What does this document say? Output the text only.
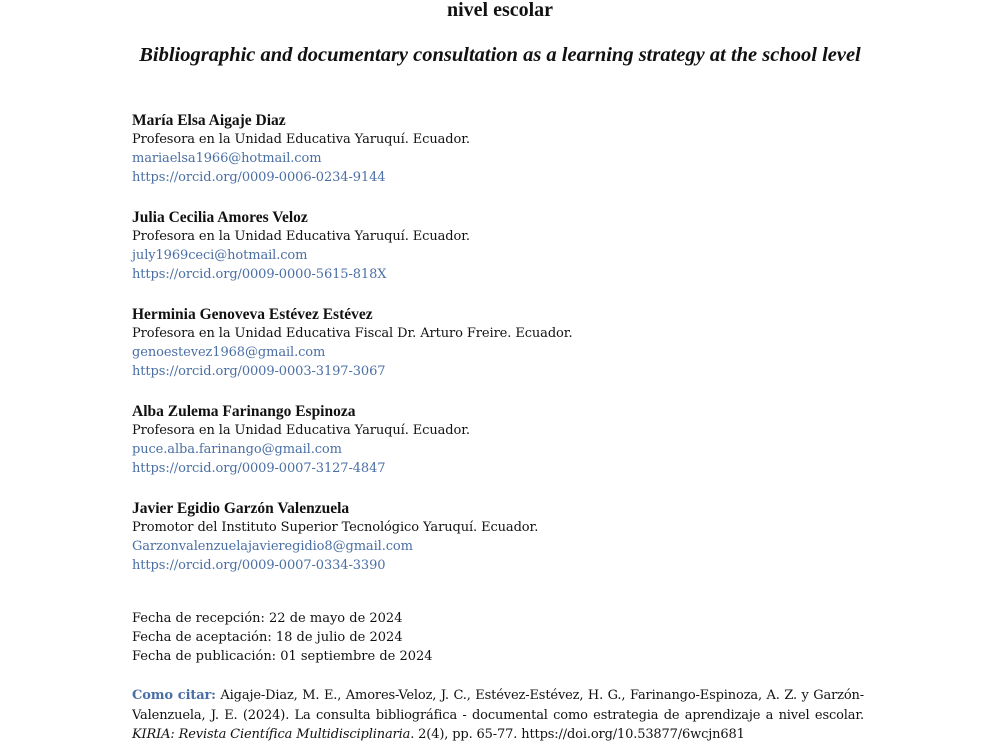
nivel escolar
Bibliographic and documentary consultation as a learning strategy at the school level
María Elsa Aigaje Diaz
Profesora en la Unidad Educativa Yaruquí. Ecuador.
mariaelsa1966@hotmail.com
https://orcid.org/0009-0006-0234-9144
Julia Cecilia Amores Veloz
Profesora en la Unidad Educativa Yaruquí. Ecuador.
july1969ceci@hotmail.com
https://orcid.org/0009-0000-5615-818X
Herminia Genoveva Estévez Estévez
Profesora en la Unidad Educativa Fiscal Dr. Arturo Freire. Ecuador.
genoestevez1968@gmail.com
https://orcid.org/0009-0003-3197-3067
Alba Zulema Farinango Espinoza
Profesora en la Unidad Educativa Yaruquí. Ecuador.
puce.alba.farinango@gmail.com
https://orcid.org/0009-0007-3127-4847
Javier Egidio Garzón Valenzuela
Promotor del Instituto Superior Tecnológico Yaruquí. Ecuador.
Garzonvalenzuelajavieregidio8@gmail.com
https://orcid.org/0009-0007-0334-3390
Fecha de recepción: 22 de mayo de 2024
Fecha de aceptación: 18 de julio de 2024
Fecha de publicación: 01 septiembre de 2024

Como citar: Aigaje-Diaz, M. E., Amores-Veloz, J. C., Estévez-Estévez, H. G., Farinango-Espinoza, A. Z. y Garzón-Valenzuela, J. E. (2024). La consulta bibliográfica - documental como estrategia de aprendizaje a nivel escolar. KIRIA: Revista Científica Multidisciplinaria. 2(4), pp. 65-77. https://doi.org/10.53877/6wcjn681
